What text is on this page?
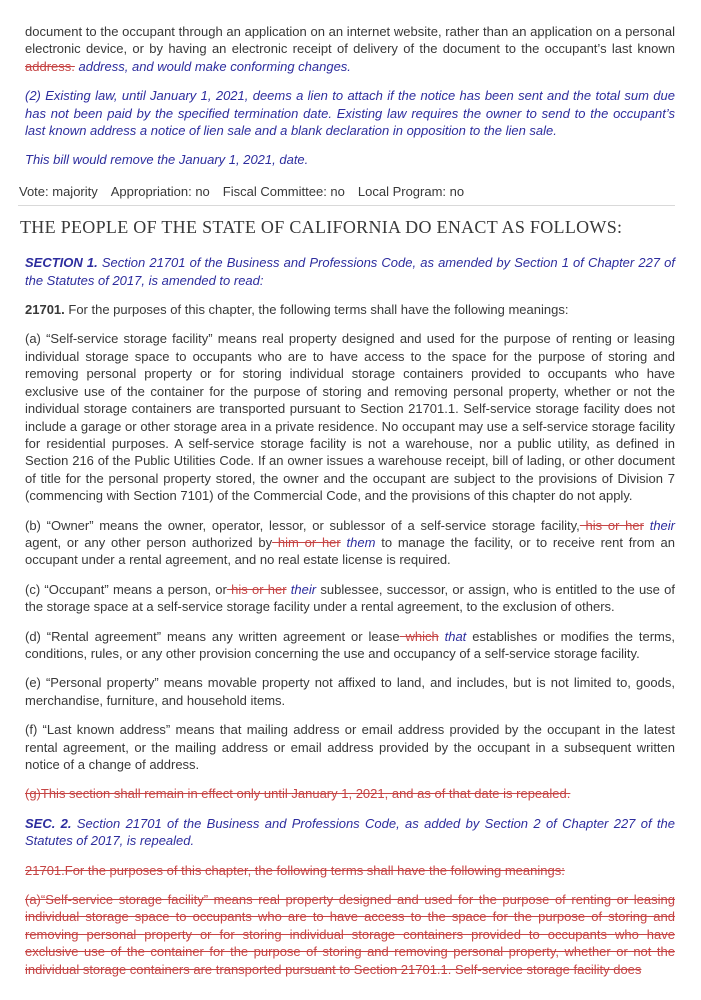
document to the occupant through an application on an internet website, rather than an application on a personal electronic device, or by having an electronic receipt of delivery of the document to the occupant’s last known address. address, and would make conforming changes.

(2) Existing law, until January 1, 2021, deems a lien to attach if the notice has been sent and the total sum due has not been paid by the specified termination date. Existing law requires the owner to send to the occupant’s last known address a notice of lien sale and a blank declaration in opposition to the lien sale.

This bill would remove the January 1, 2021, date.

Vote: majority Appropriation: no Fiscal Committee: no Local Program: no
THE PEOPLE OF THE STATE OF CALIFORNIA DO ENACT AS FOLLOWS:

SECTION 1. Section 21701 of the Business and Professions Code, as amended by Section 1 of Chapter 227 of the Statutes of 2017, is amended to read:

21701. For the purposes of this chapter, the following terms shall have the following meanings:

(a) “Self-service storage facility” means real property designed and used for the purpose of renting or leasing individual storage space to occupants who are to have access to the space for the purpose of storing and removing personal property or for storing individual storage containers provided to occupants who have exclusive use of the container for the purpose of storing and removing personal property, whether or not the individual storage containers are transported pursuant to Section 21701.1. Self-service storage facility does not include a garage or other storage area in a private residence. No occupant may use a self-service storage facility for residential purposes. A self-service storage facility is not a warehouse, nor a public utility, as defined in Section 216 of the Public Utilities Code. If an owner issues a warehouse receipt, bill of lading, or other document of title for the personal property stored, the owner and the occupant are subject to the provisions of Division 7 (commencing with Section 7101) of the Commercial Code, and the provisions of this chapter do not apply.

(b) “Owner” means the owner, operator, lessor, or sublessor of a self-service storage facility, his or her their agent, or any other person authorized by him or her them to manage the facility, or to receive rent from an occupant under a rental agreement, and no real estate license is required.

(c) “Occupant” means a person, or his or her their sublessee, successor, or assign, who is entitled to the use of the storage space at a self-service storage facility under a rental agreement, to the exclusion of others.

(d) “Rental agreement” means any written agreement or lease which that establishes or modifies the terms, conditions, rules, or any other provision concerning the use and occupancy of a self-service storage facility.

(e) “Personal property” means movable property not affixed to land, and includes, but is not limited to, goods, merchandise, furniture, and household items.

(f) “Last known address” means that mailing address or email address provided by the occupant in the latest rental agreement, or the mailing address or email address provided by the occupant in a subsequent written notice of a change of address.

(g)This section shall remain in effect only until January 1, 2021, and as of that date is repealed.

SEC. 2. Section 21701 of the Business and Professions Code, as added by Section 2 of Chapter 227 of the Statutes of 2017, is repealed.

21701.For the purposes of this chapter, the following terms shall have the following meanings:

(a)“Self-service storage facility” means real property designed and used for the purpose of renting or leasing individual storage space to occupants who are to have access to the space for the purpose of storing and removing personal property or for storing individual storage containers provided to occupants who have exclusive use of the container for the purpose of storing and removing personal property, whether or not the individual storage containers are transported pursuant to Section 21701.1. Self-service storage facility does
